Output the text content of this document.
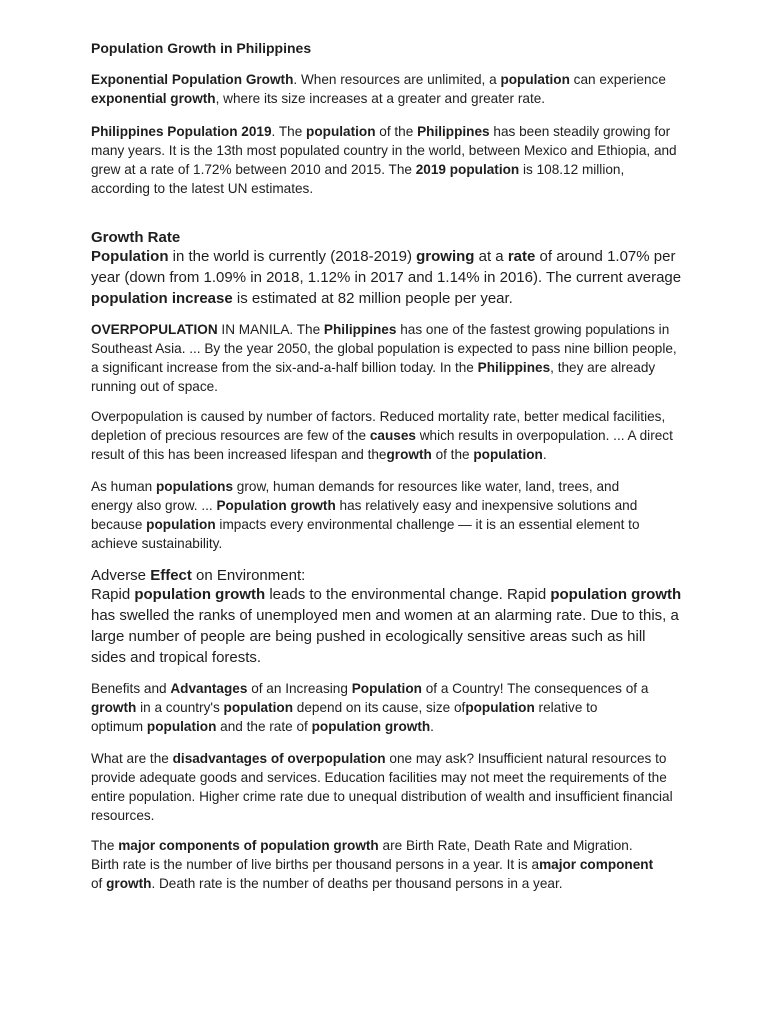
Population Growth in Philippines

Exponential Population Growth. When resources are unlimited, a population can experience exponential growth, where its size increases at a greater and greater rate.

Philippines Population 2019. The population of the Philippines has been steadily growing for many years. It is the 13th most populated country in the world, between Mexico and Ethiopia, and grew at a rate of 1.72% between 2010 and 2015. The 2019 population is 108.12 million, according to the latest UN estimates.

Growth Rate

Population in the world is currently (2018-2019) growing at a rate of around 1.07% per year (down from 1.09% in 2018, 1.12% in 2017 and 1.14% in 2016). The current average population increase is estimated at 82 million people per year.

OVERPOPULATION IN MANILA. The Philippines has one of the fastest growing populations in Southeast Asia. ... By the year 2050, the global population is expected to pass nine billion people, a significant increase from the six-and-a-half billion today. In the Philippines, they are already running out of space.

Overpopulation is caused by number of factors. Reduced mortality rate, better medical facilities, depletion of precious resources are few of the causes which results in overpopulation. ... A direct result of this has been increased lifespan and thegrowth of the population.

As human populations grow, human demands for resources like water, land, trees, and energy also grow. ... Population growth has relatively easy and inexpensive solutions and because population impacts every environmental challenge — it is an essential element to achieve sustainability.

Adverse Effect on Environment:

Rapid population growth leads to the environmental change. Rapid population growth has swelled the ranks of unemployed men and women at an alarming rate. Due to this, a large number of people are being pushed in ecologically sensitive areas such as hill sides and tropical forests.

Benefits and Advantages of an Increasing Population of a Country! The consequences of a growth in a country's population depend on its cause, size ofpopulation relative to optimum population and the rate of population growth.

What are the disadvantages of overpopulation one may ask? Insufficient natural resources to provide adequate goods and services. Education facilities may not meet the requirements of the entire population. Higher crime rate due to unequal distribution of wealth and insufficient financial resources.

The major components of population growth are Birth Rate, Death Rate and Migration. Birth rate is the number of live births per thousand persons in a year. It is amajor component of growth. Death rate is the number of deaths per thousand persons in a year.
